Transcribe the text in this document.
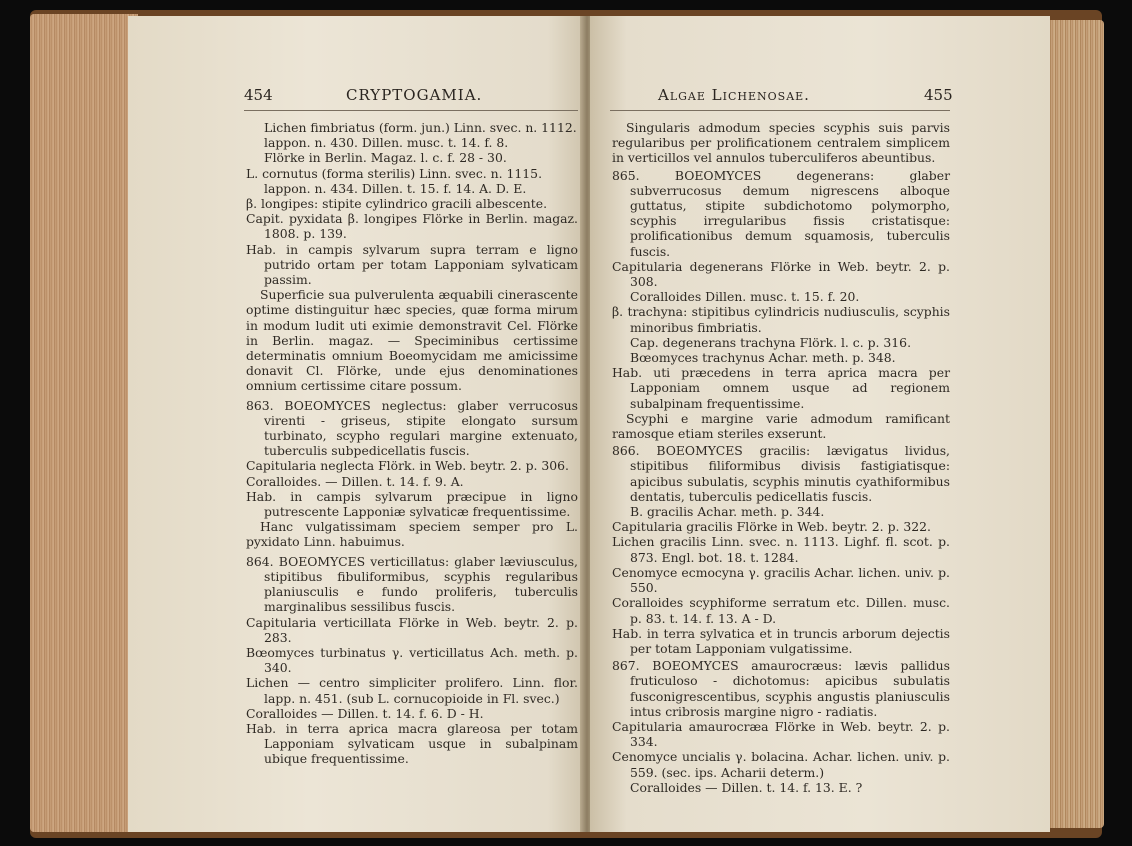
454	CRYPTOGAMIA.

Lichen fimbriatus (form. jun.) Linn. svec. n. 1112.

lappon. n. 430. Dillen. musc. t. 14. f. 8.

Flörke in Berlin. Magaz. l. c. f. 28 - 30.

L. cornutus (forma sterilis) Linn. svec. n. 1115.

lappon. n. 434. Dillen. t. 15. f. 14. A. D. E.

β. longipes: stipite cylindrico gracili albescente.

Capit. pyxidata β. longipes Flörke in Berlin. magaz. 1808. p. 139.

Hab. in campis sylvarum supra terram e ligno putrido ortam per totam Lapponiam sylvaticam passim.

Superficie sua pulverulenta æquabili cinerascente optime distinguitur hæc species, quæ forma mirum in modum ludit uti eximie demonstravit Cel. Flörke in Berlin. magaz. — Speciminibus certissime determinatis omnium Boeomycidam me amicissime donavit Cl. Flörke, unde ejus denominationes omnium certissime citare possum.

863. BOEOMYCES neglectus: glaber verrucosus virenti - griseus, stipite elongato sursum turbinato, scypho regulari margine extenuato, tuberculis subpedicellatis fuscis.

Capitularia neglecta Flörk. in Web. beytr. 2. p. 306.

Coralloides. — Dillen. t. 14. f. 9. A.

Hab. in campis sylvarum præcipue in ligno putrescente Lapponiæ sylvaticæ frequentissime.

Hanc vulgatissimam speciem semper pro L. pyxidato Linn. habuimus.

864. BOEOMYCES verticillatus: glaber læviusculus, stipitibus fibuliformibus, scyphis regularibus planiusculis e fundo proliferis, tuberculis marginalibus sessilibus fuscis.

Capitularia verticillata Flörke in Web. beytr. 2. p. 283.

Bœomyces turbinatus γ. verticillatus Ach. meth. p. 340.

Lichen — centro simpliciter prolifero. Linn. flor. lapp. n. 451. (sub L. cornucopioide in Fl. svec.)

Coralloides — Dillen. t. 14. f. 6. D - H.

Hab. in terra aprica macra glareosa per totam Lapponiam sylvaticam usque in subalpinam ubique frequentissime.

Algae Lichenosae.	455

Singularis admodum species scyphis suis parvis regularibus per prolificationem centralem simplicem in verticillos vel annulos tuberculiferos abeuntibus.

865. BOEOMYCES degenerans: glaber subverrucosus demum nigrescens alboque guttatus, stipite subdichotomo polymorpho, scyphis irregularibus fissis cristatisque: prolificationibus demum squamosis, tuberculis fuscis.

Capitularia degenerans Flörke in Web. beytr. 2. p. 308.

Coralloides Dillen. musc. t. 15. f. 20.

β. trachyna: stipitibus cylindricis nudiusculis, scyphis minoribus fimbriatis.

Cap. degenerans trachyna Flörk. l. c. p. 316.

Bœomyces trachynus Achar. meth. p. 348.

Hab. uti præcedens in terra aprica macra per Lapponiam omnem usque ad regionem subalpinam frequentissime.

Scyphi e margine varie admodum ramificant ramosque etiam steriles exserunt.

866. BOEOMYCES gracilis: lævigatus lividus, stipitibus filiformibus divisis fastigiatisque: apicibus subulatis, scyphis minutis cyathiformibus dentatis, tuberculis pedicellatis fuscis.

B. gracilis Achar. meth. p. 344.

Capitularia gracilis Flörke in Web. beytr. 2. p. 322.

Lichen gracilis Linn. svec. n. 1113. Lighf. fl. scot. p. 873. Engl. bot. 18. t. 1284.

Cenomyce ecmocyna γ. gracilis Achar. lichen. univ. p. 550.

Coralloides scyphiforme serratum etc. Dillen. musc. p. 83. t. 14. f. 13. A - D.

Hab. in terra sylvatica et in truncis arborum dejectis per totam Lapponiam vulgatissime.

867. BOEOMYCES amaurocræus: lævis pallidus fruticuloso - dichotomus: apicibus subulatis fusconigrescentibus, scyphis angustis planiusculis intus cribrosis margine nigro - radiatis.

Capitularia amaurocræa Flörke in Web. beytr. 2. p. 334.

Cenomyce uncialis γ. bolacina. Achar. lichen. univ. p. 559. (sec. ips. Acharii determ.)

Coralloides — Dillen. t. 14. f. 13. E. ?
